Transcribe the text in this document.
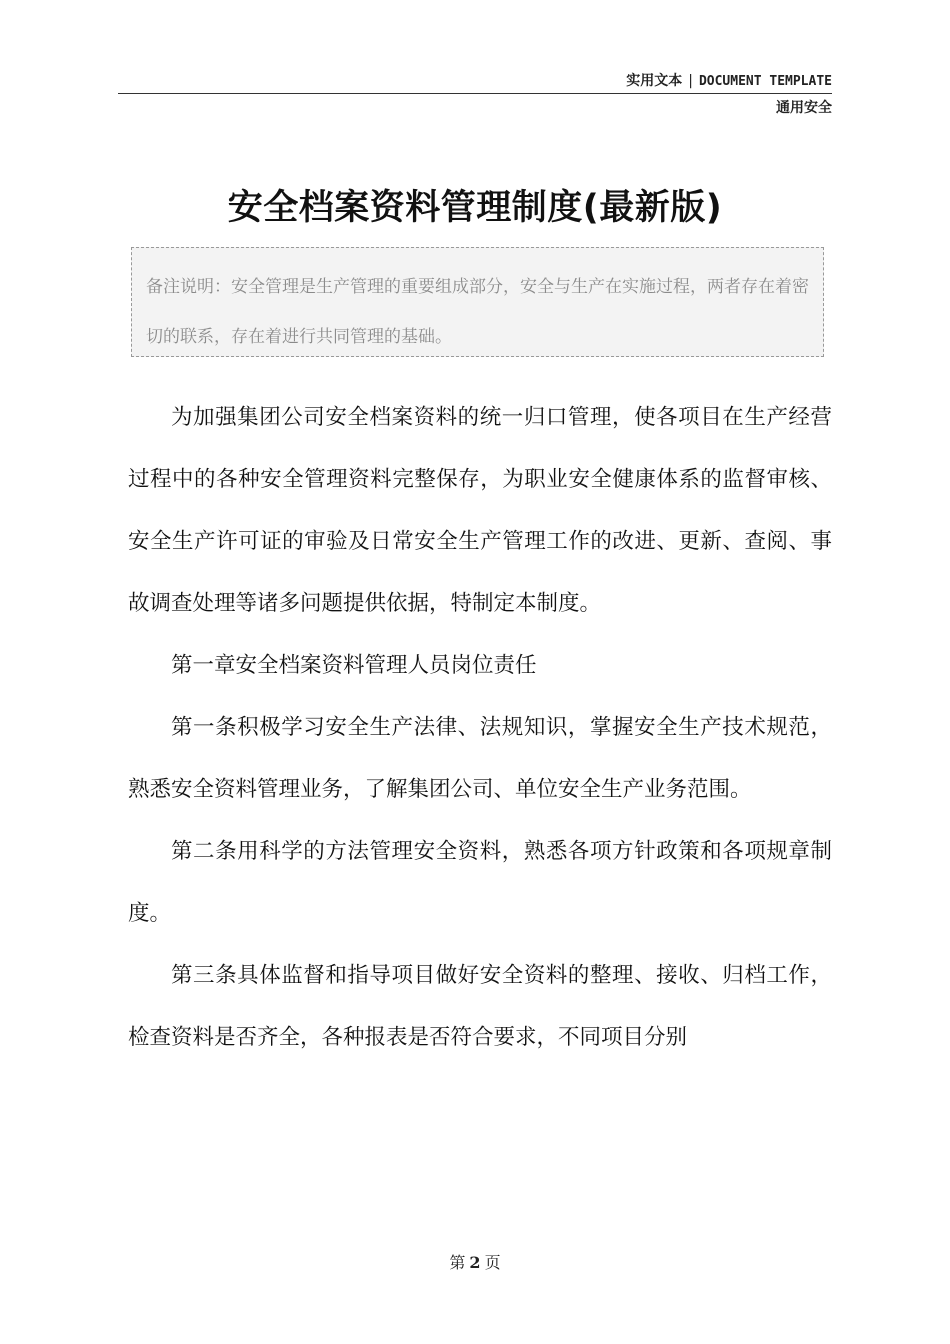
实用文本 | DOCUMENT TEMPLATE
通用安全
安全档案资料管理制度(最新版)
备注说明：安全管理是生产管理的重要组成部分，安全与生产在实施过程，两者存在着密切的联系，存在着进行共同管理的基础。

为加强集团公司安全档案资料的统一归口管理，使各项目在生产经营过程中的各种安全管理资料完整保存，为职业安全健康体系的监督审核、安全生产许可证的审验及日常安全生产管理工作的改进、更新、查阅、事故调查处理等诸多问题提供依据，特制定本制度。

第一章安全档案资料管理人员岗位责任

第一条积极学习安全生产法律、法规知识，掌握安全生产技术规范，熟悉安全资料管理业务，了解集团公司、单位安全生产业务范围。

第二条用科学的方法管理安全资料，熟悉各项方针政策和各项规章制度。

第三条具体监督和指导项目做好安全资料的整理、接收、归档工作，检查资料是否齐全，各种报表是否符合要求，不同项目分别

第 2 页
